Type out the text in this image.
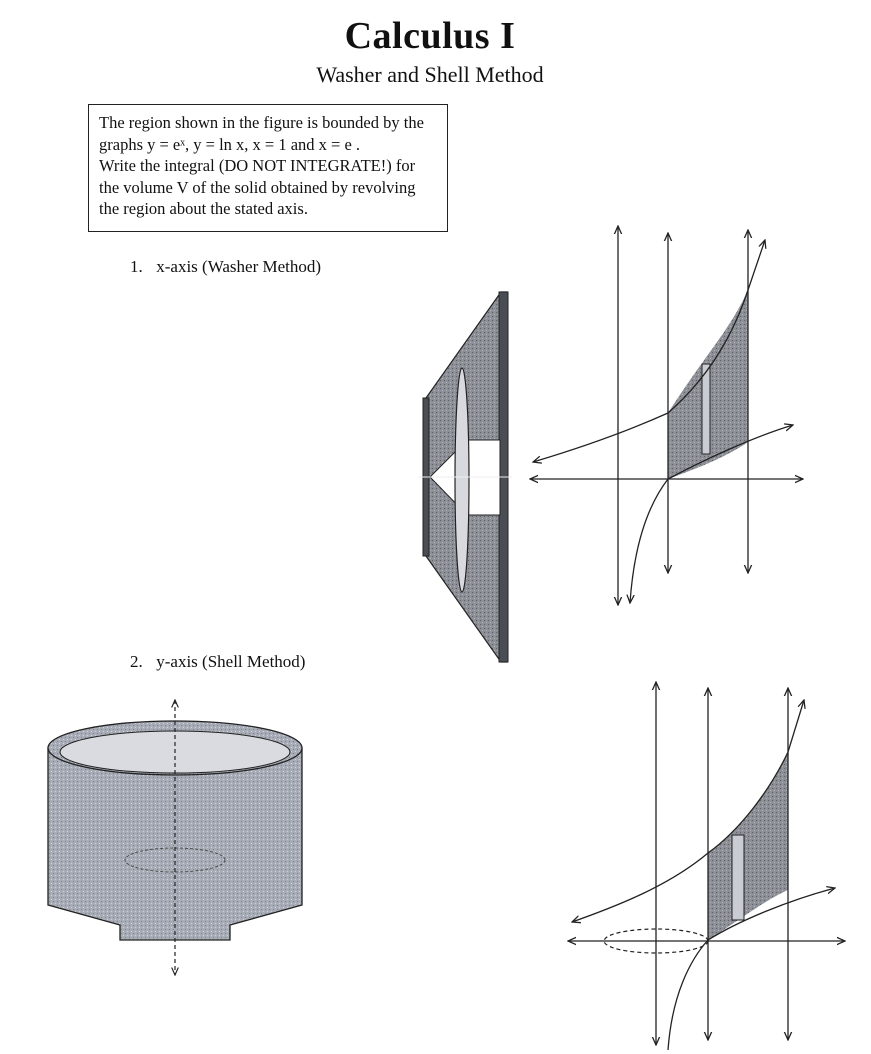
Calculus I
Washer and Shell Method
The region shown in the figure is bounded by the
graphs y = eˣ, y = ln x, x = 1 and x = e .
Write the integral (DO NOT INTEGRATE!) for
the volume V of the solid obtained by revolving
the region about the stated axis.
1. x-axis (Washer Method)
2. y-axis (Shell Method)
